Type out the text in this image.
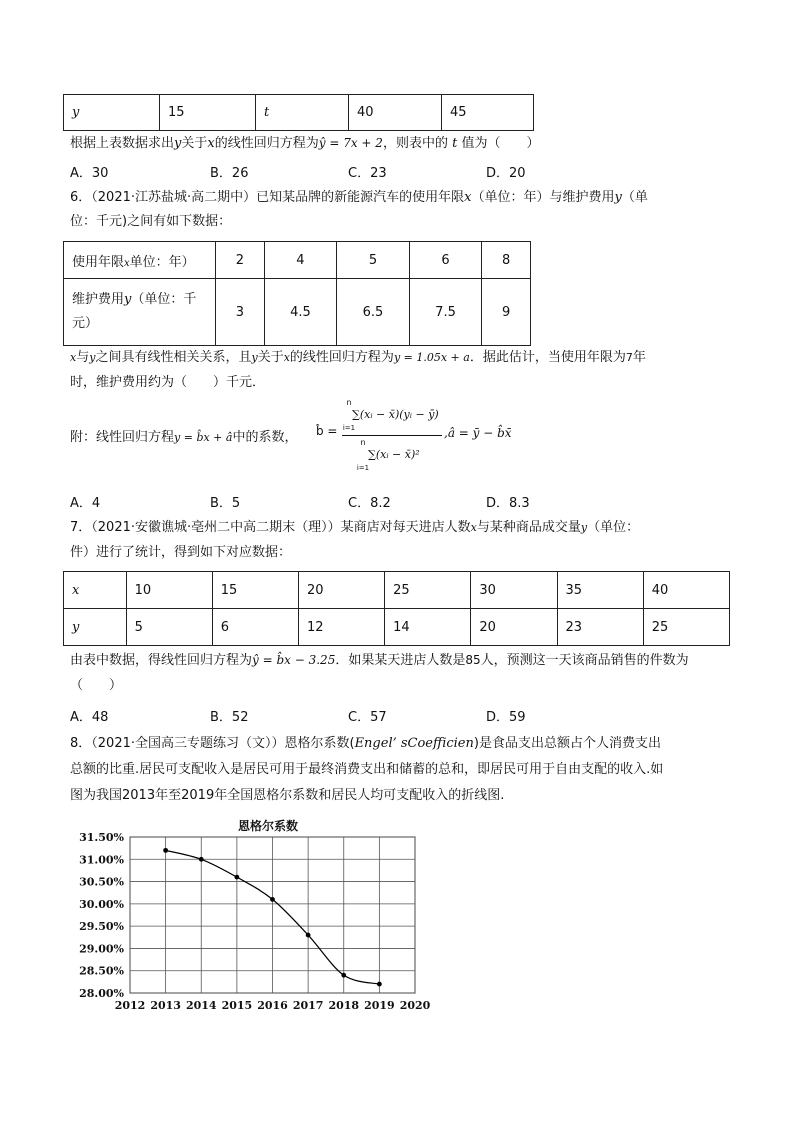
y	15	t	40	45
根据上表数据求出y关于x的线性回归方程为ŷ = 7x + 2，则表中的 t 值为（　　）
A．30	B．26	C．23	D．20
6．（2021·江苏盐城·高二期中）已知某品牌的新能源汽车的使用年限x（单位：年）与维护费用y（单
位：千元)之间有如下数据：
使用年限x单位：年）	2	4	5	6	8
维护费用y（单位：千
元）	3	4.5	6.5	7.5	9
x与y之间具有线性相关关系，且y关于x的线性回归方程为y = 1.05x + a．据此估计，当使用年限为7年
时，维护费用约为（　　）千元．
附：线性回归方程y = b̂x + â中的系数， b̂ =
n
i=1
∑(xᵢ − x̄)(yᵢ − ȳ)
n
i=1
∑(xᵢ − x̄)²
,â = ȳ − b̂x̄
A．4	B．5	C．8.2	D．8.3
7．（2021·安徽谯城·亳州二中高二期末（理））某商店对每天进店人数x与某种商品成交量y（单位：
件）进行了统计，得到如下对应数据：
x	10	15	20	25	30	35	40
y	5	6	12	14	20	23	25
由表中数据，得线性回归方程为ŷ = b̂x − 3.25．如果某天进店人数是85人，预测这一天该商品销售的件数为
（　　）
A．48	B．52	C．57	D．59
8．（2021·全国高三专题练习（文））恩格尔系数(Engel’ sCoefficien)是食品支出总额占个人消费支出
总额的比重.居民可支配收入是居民可用于最终消费支出和储蓄的总和，即居民可用于自由支配的收入.如
图为我国2013年至2019年全国恩格尔系数和居民人均可支配收入的折线图.
恩格尔系数
31.50%
31.00%
30.50%
30.00%
29.50%
29.00%
28.50%
28.00%
2012 2013 2014 2015 2016 2017 2018 2019 2020
